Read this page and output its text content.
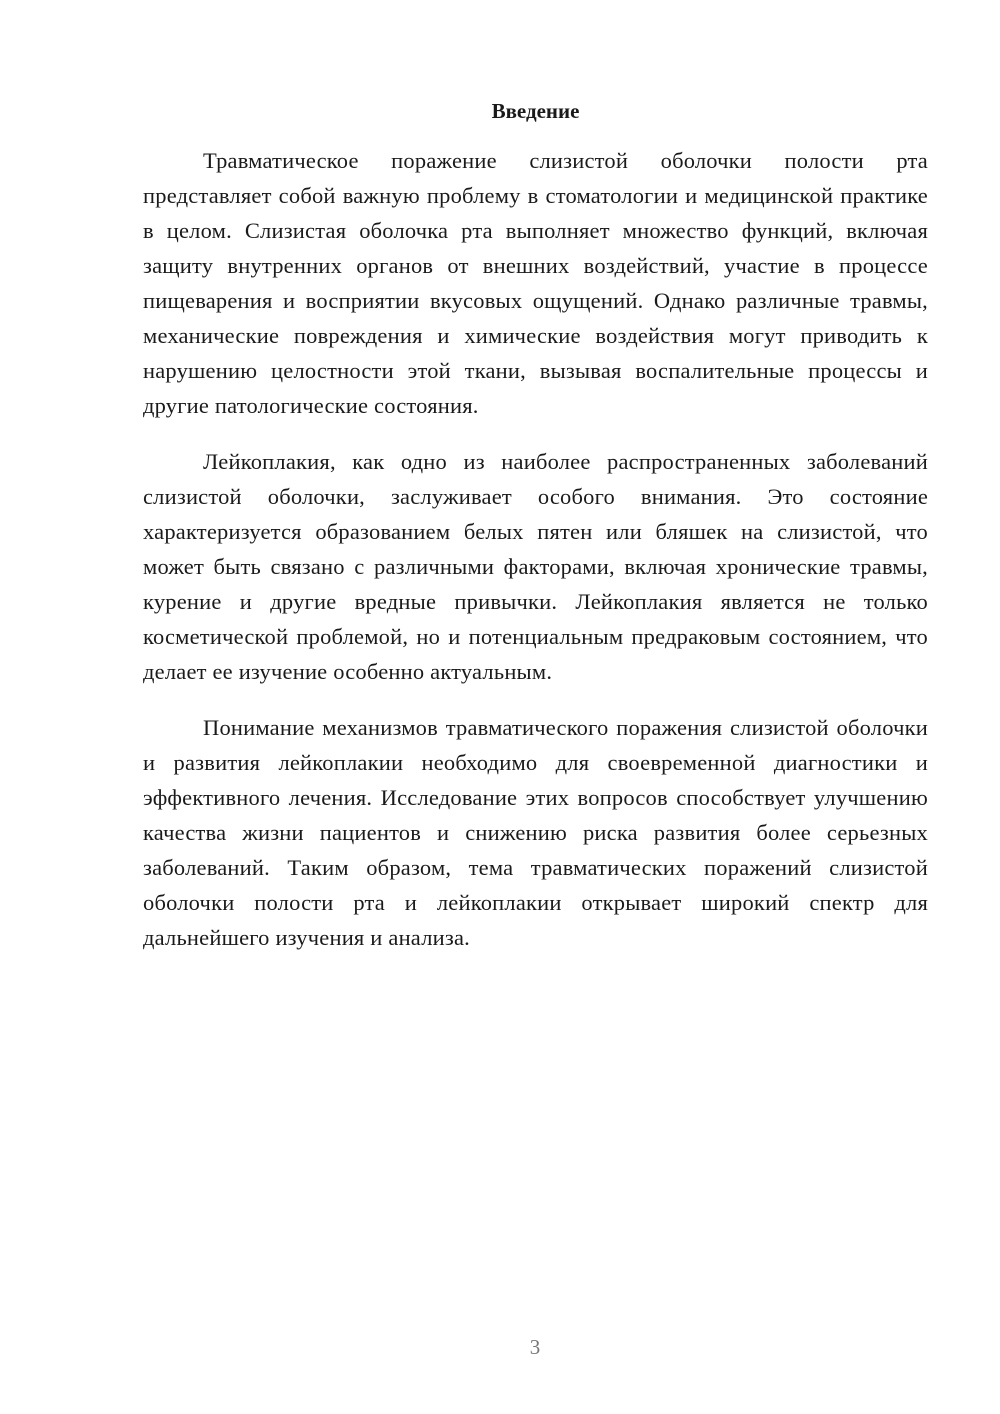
Введение

Травматическое поражение слизистой оболочки полости рта представляет собой важную проблему в стоматологии и медицинской практике в целом. Слизистая оболочка рта выполняет множество функций, включая защиту внутренних органов от внешних воздействий, участие в процессе пищеварения и восприятии вкусовых ощущений. Однако различные травмы, механические повреждения и химические воздействия могут приводить к нарушению целостности этой ткани, вызывая воспалительные процессы и другие патологические состояния.

Лейкоплакия, как одно из наиболее распространенных заболеваний слизистой оболочки, заслуживает особого внимания. Это состояние характеризуется образованием белых пятен или бляшек на слизистой, что может быть связано с различными факторами, включая хронические травмы, курение и другие вредные привычки. Лейкоплакия является не только косметической проблемой, но и потенциальным предраковым состоянием, что делает ее изучение особенно актуальным.

Понимание механизмов травматического поражения слизистой оболочки и развития лейкоплакии необходимо для своевременной диагностики и эффективного лечения. Исследование этих вопросов способствует улучшению качества жизни пациентов и снижению риска развития более серьезных заболеваний. Таким образом, тема травматических поражений слизистой оболочки полости рта и лейкоплакии открывает широкий спектр для дальнейшего изучения и анализа.

3
